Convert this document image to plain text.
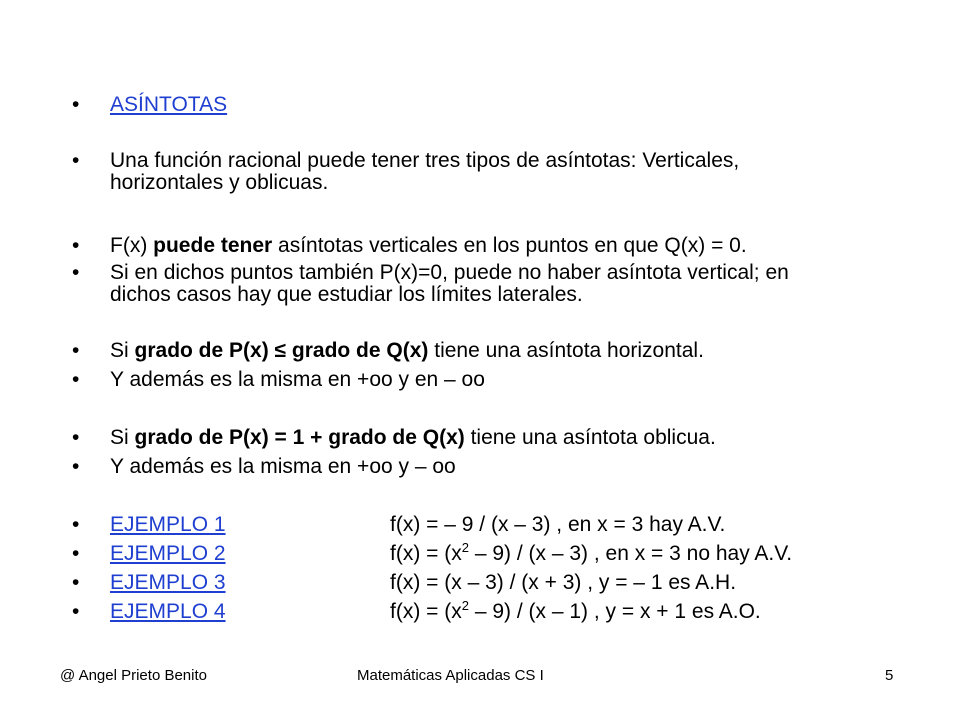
• ASÍNTOTAS
• Una función racional puede tener tres tipos de asíntotas: Verticales,
horizontales y oblicuas.
• F(x) puede tener asíntotas verticales en los puntos en que Q(x) = 0.
• Si en dichos puntos también P(x)=0, puede no haber asíntota vertical; en
dichos casos hay que estudiar los límites laterales.
• Si grado de P(x) ≤ grado de Q(x) tiene una asíntota horizontal.
• Y además es la misma en +oo y en – oo
• Si grado de P(x) = 1 + grado de Q(x) tiene una asíntota oblicua.
• Y además es la misma en +oo y – oo
• EJEMPLO 1	f(x) = – 9 / (x – 3) , en x = 3 hay A.V.
• EJEMPLO 2	$f(x) = (x^2 - 9) / (x - 3)$ , en x = 3 no hay A.V.
• EJEMPLO 3	f(x) = (x – 3) / (x + 3) , y = – 1 es A.H.
• EJEMPLO 4	$f(x) = (x^2 - 9) / (x - 1)$ , y = x + 1 es A.O.
@ Angel Prieto Benito	Matemáticas Aplicadas CS I	5
